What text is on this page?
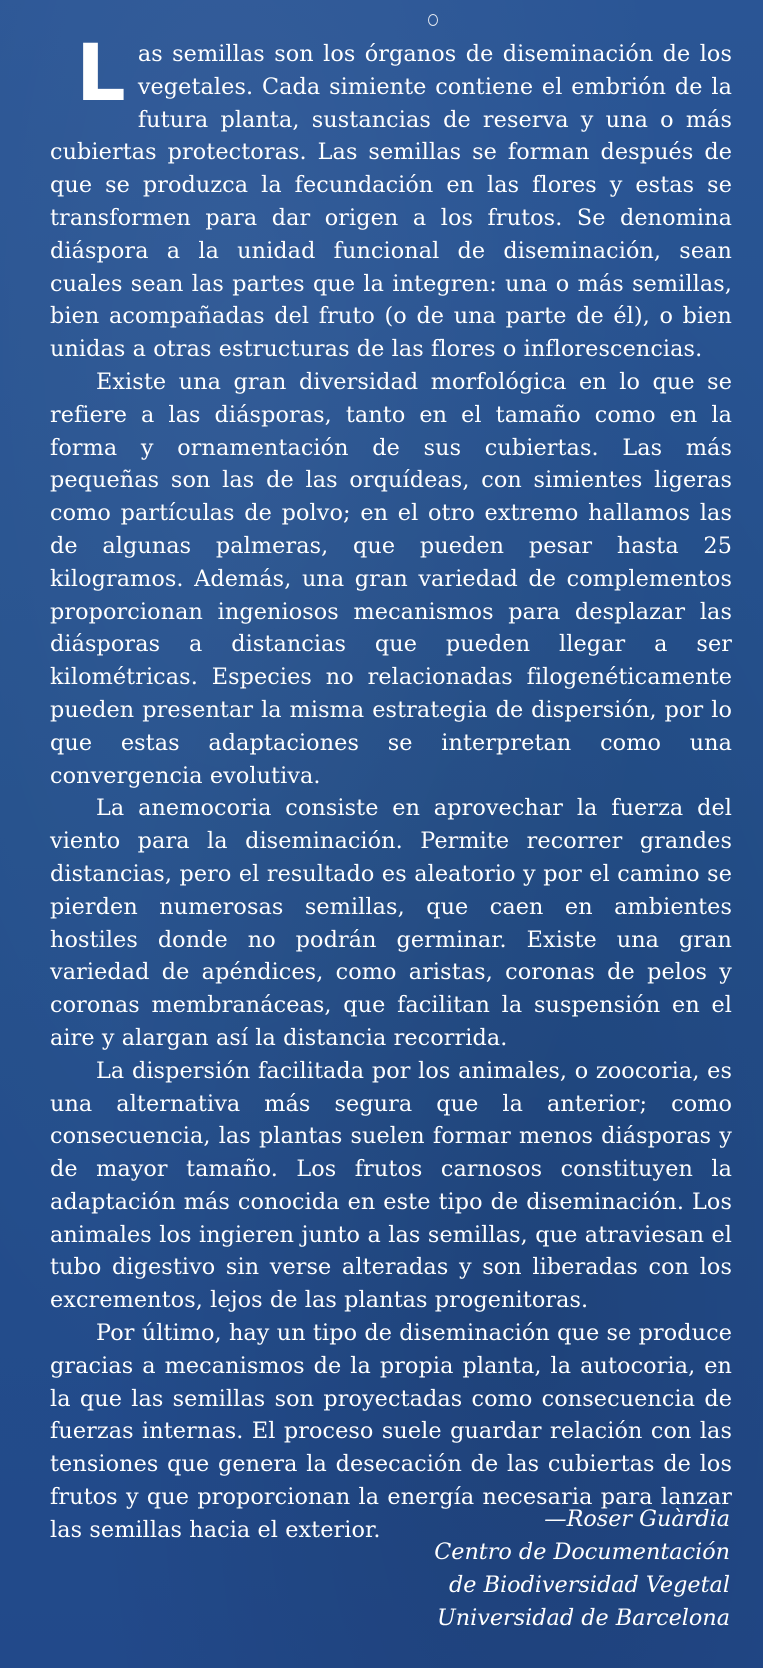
Las semillas son los órganos de diseminación de los vegetales. Cada simiente contiene el embrión de la futura planta, sustancias de reserva y una o más cubiertas protectoras. Las semillas se forman después de que se produzca la fecundación en las flores y estas se transformen para dar origen a los frutos. Se denomina diáspora a la unidad funcional de diseminación, sean cuales sean las partes que la integren: una o más semillas, bien acompañadas del fruto (o de una parte de él), o bien unidas a otras estructuras de las flores o inflorescencias.

Existe una gran diversidad morfológica en lo que se refiere a las diásporas, tanto en el tamaño como en la forma y ornamentación de sus cubiertas. Las más pequeñas son las de las orquídeas, con simientes ligeras como partículas de polvo; en el otro extremo hallamos las de algunas palmeras, que pueden pesar hasta 25 kilogramos. Además, una gran variedad de complementos proporcionan ingeniosos mecanismos para desplazar las diásporas a distancias que pueden llegar a ser kilométricas. Especies no relacionadas filogenéticamente pueden presentar la misma estrategia de dispersión, por lo que estas adaptaciones se interpretan como una convergencia evolutiva.

La anemocoria consiste en aprovechar la fuerza del viento para la diseminación. Permite recorrer grandes distancias, pero el resultado es aleatorio y por el camino se pierden numerosas semillas, que caen en ambientes hostiles donde no podrán germinar. Existe una gran variedad de apéndices, como aristas, coronas de pelos y coronas membranáceas, que facilitan la suspensión en el aire y alargan así la distancia recorrida.

La dispersión facilitada por los animales, o zoocoria, es una alternativa más segura que la anterior; como consecuencia, las plantas suelen formar menos diásporas y de mayor tamaño. Los frutos carnosos constituyen la adaptación más conocida en este tipo de diseminación. Los animales los ingieren junto a las semillas, que atraviesan el tubo digestivo sin verse alteradas y son liberadas con los excrementos, lejos de las plantas progenitoras.

Por último, hay un tipo de diseminación que se produce gracias a mecanismos de la propia planta, la autocoria, en la que las semillas son proyectadas como consecuencia de fuerzas internas. El proceso suele guardar relación con las tensiones que genera la desecación de las cubiertas de los frutos y que proporcionan la energía necesaria para lanzar las semillas hacia el exterior.	—Roser Guàrdia
Centro de Documentación
de Biodiversidad Vegetal
Universidad de Barcelona
